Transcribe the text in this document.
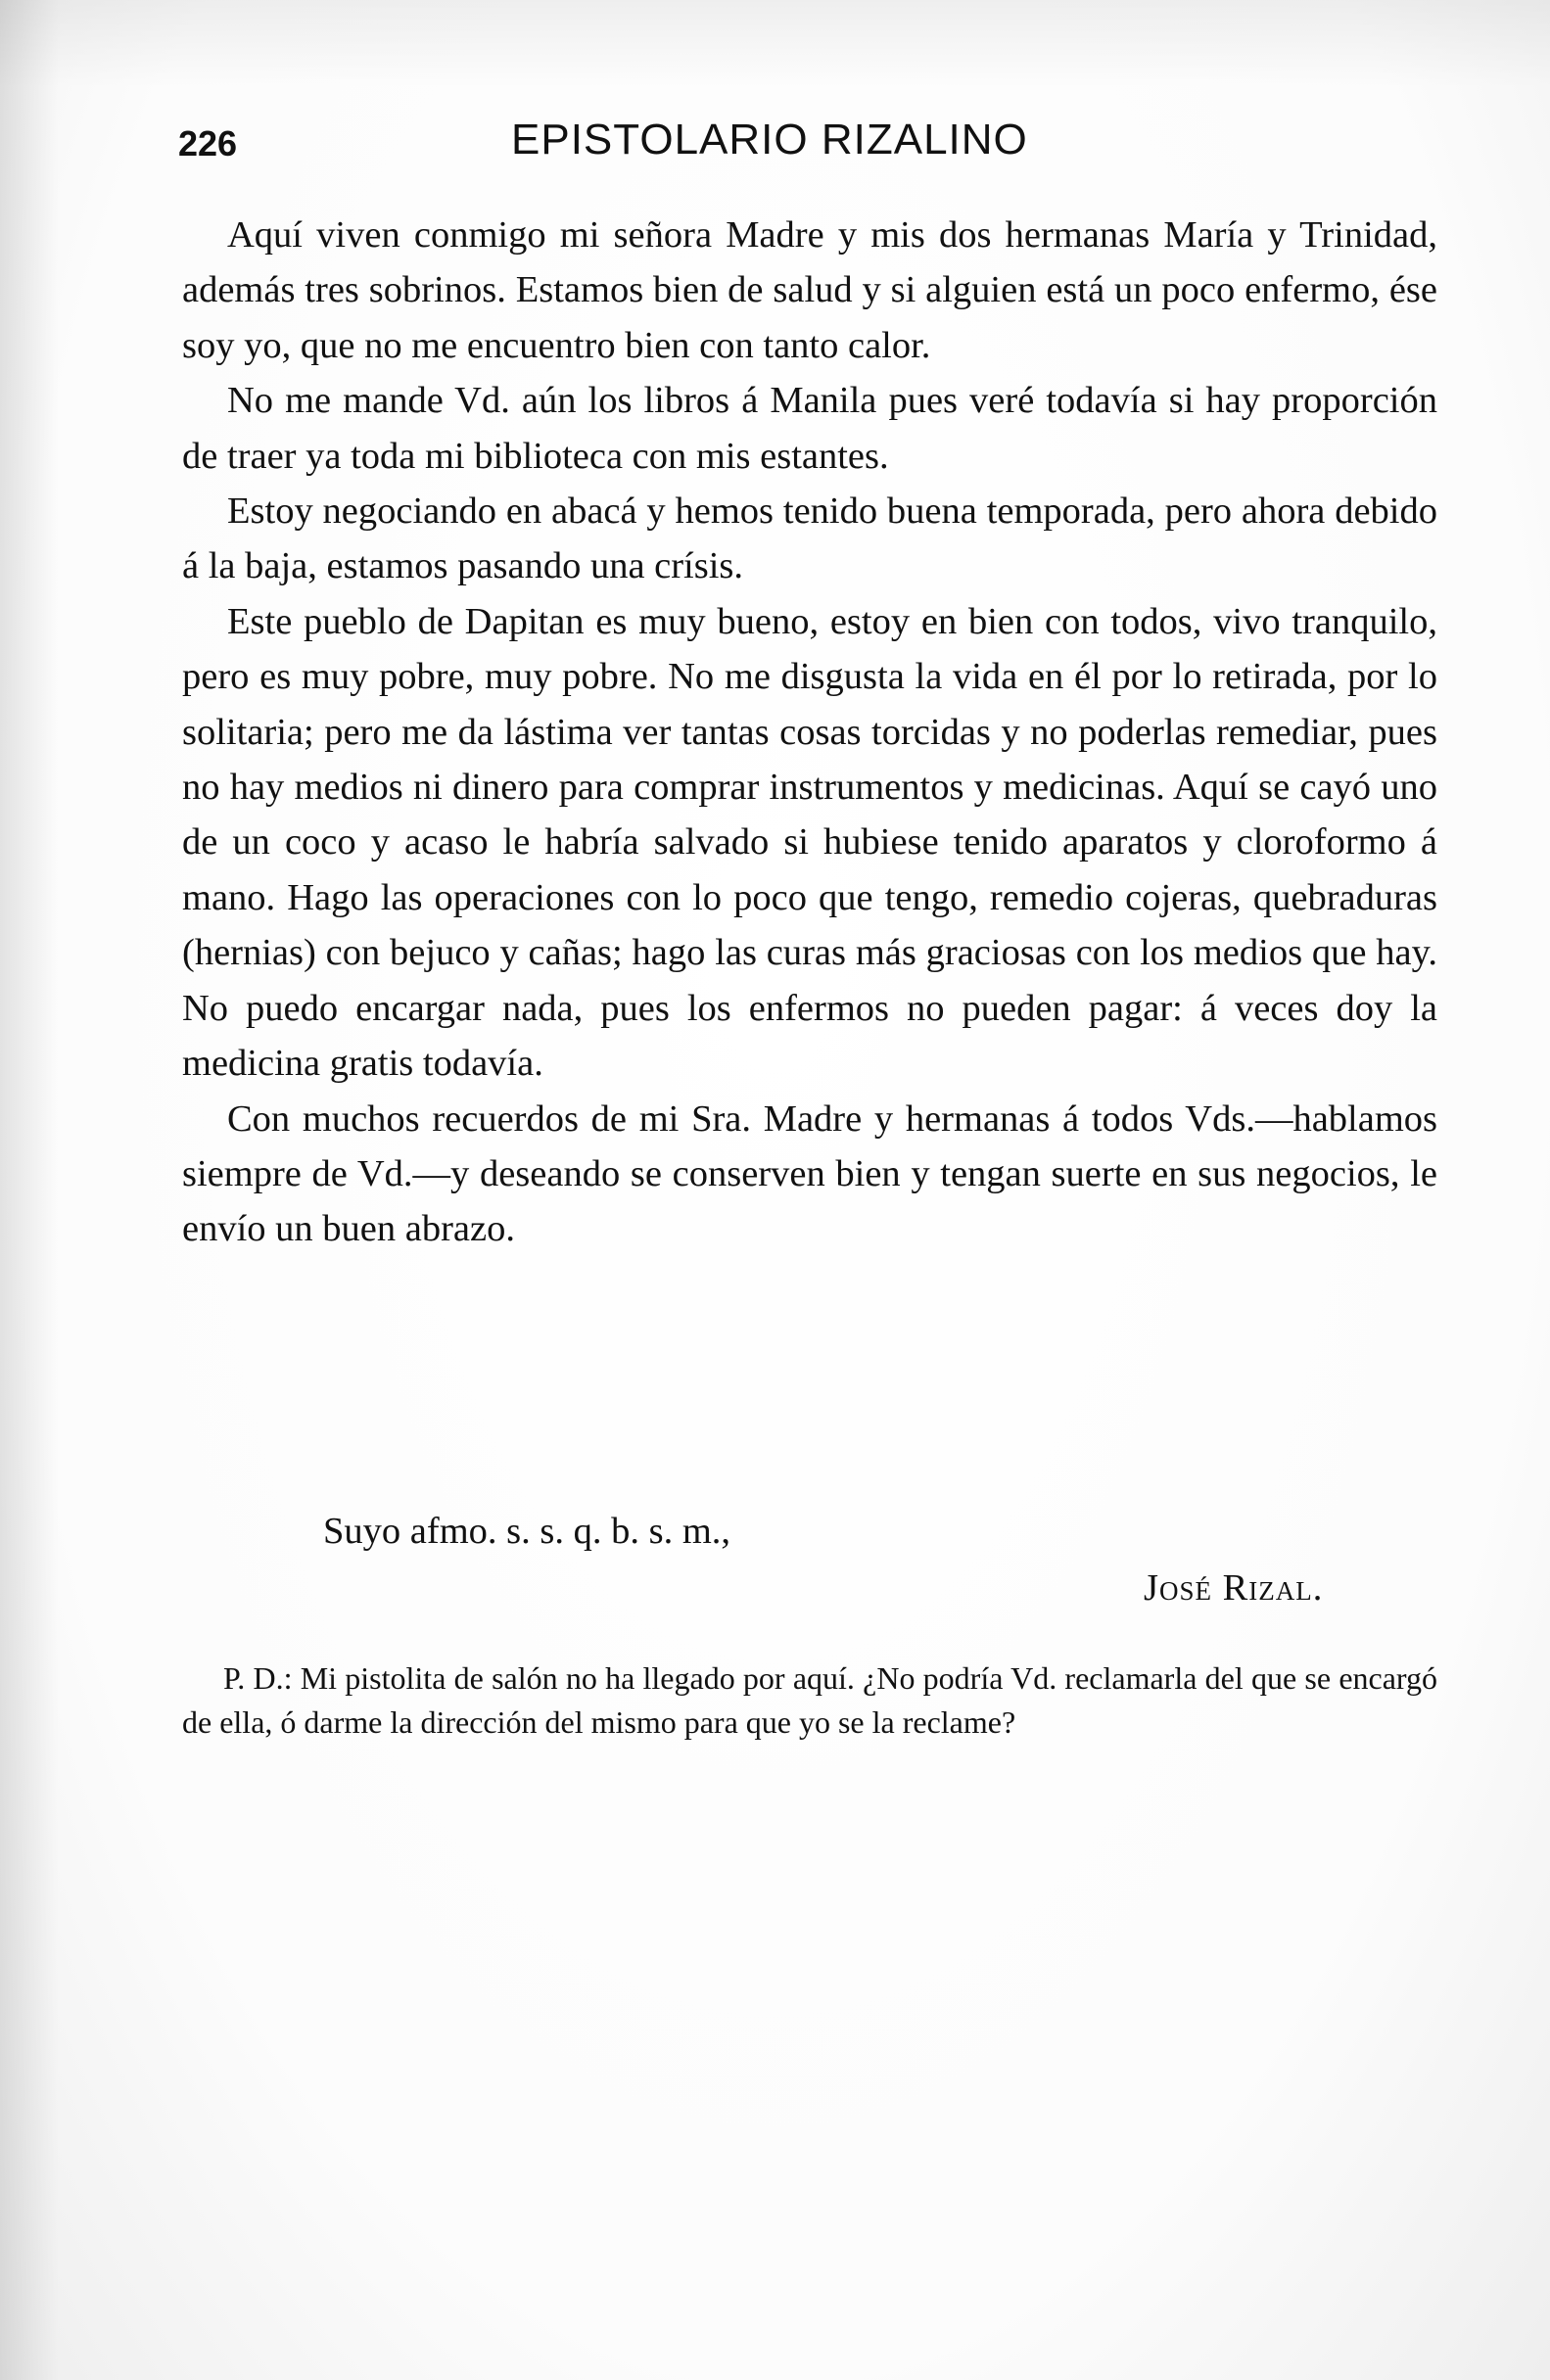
226	EPISTOLARIO RIZALINO

Aquí viven conmigo mi señora Madre y mis dos hermanas María y Trinidad, además tres sobrinos. Estamos bien de salud y si alguien está un poco enfermo, ése soy yo, que no me encuentro bien con tanto calor.

No me mande Vd. aún los libros á Manila pues veré todavía si hay proporción de traer ya toda mi biblioteca con mis estantes.

Estoy negociando en abacá y hemos tenido buena temporada, pero ahora debido á la baja, estamos pasando una crísis.

Este pueblo de Dapitan es muy bueno, estoy en bien con todos, vivo tranquilo, pero es muy pobre, muy pobre. No me disgusta la vida en él por lo retirada, por lo solitaria; pero me da lástima ver tantas cosas torcidas y no poderlas remediar, pues no hay medios ni dinero para comprar instrumentos y medicinas. Aquí se cayó uno de un coco y acaso le habría salvado si hubiese tenido aparatos y cloroformo á mano. Hago las operaciones con lo poco que tengo, remedio cojeras, quebraduras (hernias) con bejuco y cañas; hago las curas más graciosas con los medios que hay. No puedo encargar nada, pues los enfermos no pueden pagar: á veces doy la medicina gratis todavía.

Con muchos recuerdos de mi Sra. Madre y hermanas á todos Vds.—hablamos siempre de Vd.—y deseando se conserven bien y tengan suerte en sus negocios, le envío un buen abrazo.

Suyo afmo. s. s. q. b. s. m.,
José Rizal.

P. D.: Mi pistolita de salón no ha llegado por aquí. ¿No podría Vd. reclamarla del que se encargó de ella, ó darme la dirección del mismo para que yo se la reclame?
